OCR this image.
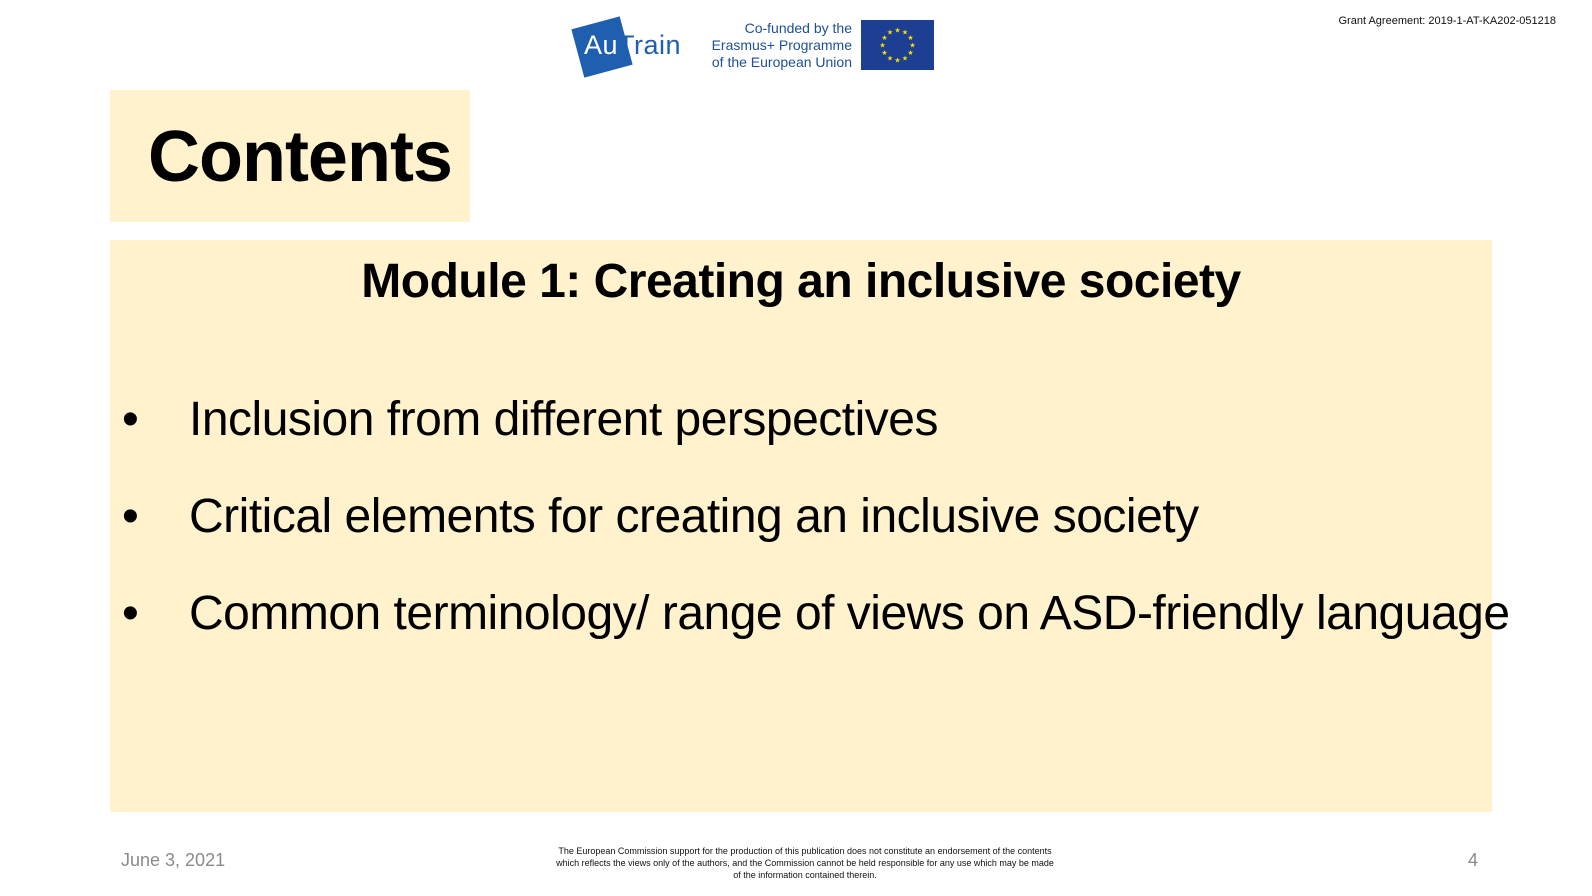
Grant Agreement: 2019-1-AT-KA202-051218
AuTrain
Co-funded by the
Erasmus+ Programme
of the European Union
★ ★
★
★
★
★
★
★
★
★
★
★
Contents
Module 1: Creating an inclusive society
• Inclusion from different perspectives
• Critical elements for creating an inclusive society
• Common terminology/ range of views on ASD-friendly language
June 3, 2021	The European Commission support for the production of this publication does not constitute an endorsement of the contents
which reflects the views only of the authors, and the Commission cannot be held responsible for any use which may be made
of the information contained therein.
4
